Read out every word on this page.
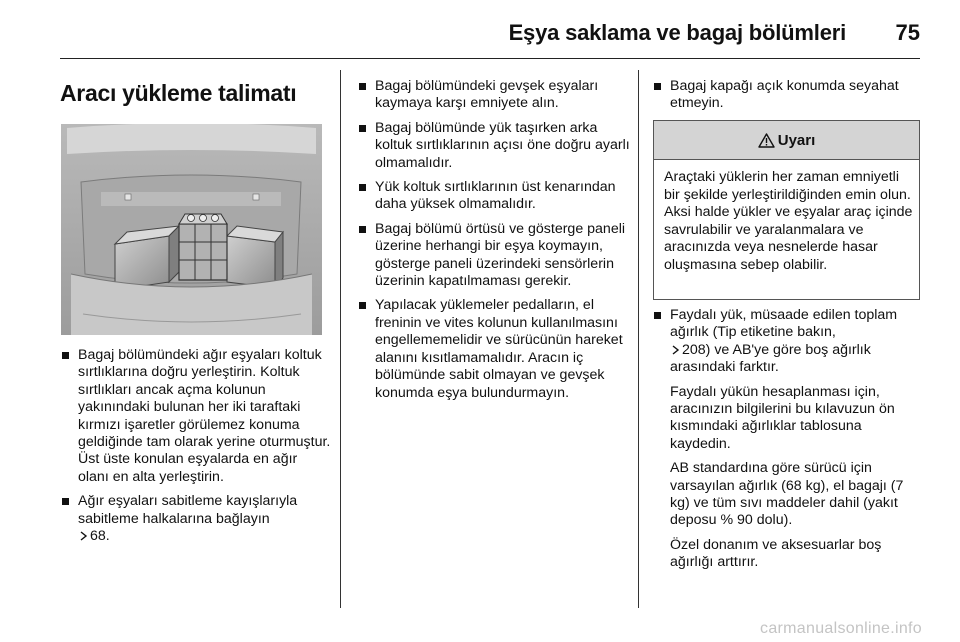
Eşya saklama ve bagaj bölümleri 75
Aracı yükleme talimatı
Bagaj bölümündeki ağır eşyaları koltuk sırtlıklarına doğru yerleştirin. Koltuk sırtlıkları ancak açma kolunun yakınındaki bulunan her iki taraftaki kırmızı işaretler görülemez konuma geldiğinde tam olarak yerine oturmuştur. Üst üste konulan eşyalarda en ağır olanı en alta yerleştirin.
Ağır eşyaları sabitleme kayışlarıyla sabitleme halkalarına bağlayın
68.
Bagaj bölümündeki gevşek eşyaları kaymaya karşı emniyete alın.
Bagaj bölümünde yük taşırken arka koltuk sırtlıklarının açısı öne doğru ayarlı olmamalıdır.
Yük koltuk sırtlıklarının üst kenarından daha yüksek olmamalıdır.
Bagaj bölümü örtüsü ve gösterge paneli üzerine herhangi bir eşya koymayın, gösterge paneli üzerindeki sensörlerin üzerinin kapatılmaması gerekir.
Yapılacak yüklemeler pedalların, el freninin ve vites kolunun kullanılmasını engellememelidir ve sürücünün hareket alanını kısıtlamamalıdır. Aracın iç bölümünde sabit olmayan ve gevşek konumda eşya bulundurmayın.
Bagaj kapağı açık konumda seyahat etmeyin.
Uyarı
Araçtaki yüklerin her zaman emniyetli bir şekilde yerleştirildiğinden emin olun. Aksi halde yükler ve eşyalar araç içinde savrulabilir ve yaralanmalara ve aracınızda veya nesnelerde hasar oluşmasına sebep olabilir.

Faydalı yük, müsaade edilen toplam ağırlık (Tip etiketine bakın,
208) ve AB'ye göre boş ağırlık arasındaki farktır.

Faydalı yükün hesaplanması için, aracınızın bilgilerini bu kılavuzun ön kısmındaki ağırlıklar tablosuna kaydedin.

AB standardına göre sürücü için varsayılan ağırlık (68 kg), el bagajı (7 kg) ve tüm sıvı maddeler dahil (yakıt deposu % 90 dolu).

Özel donanım ve aksesuarlar boş ağırlığı arttırır.

carmanualsonline.info
